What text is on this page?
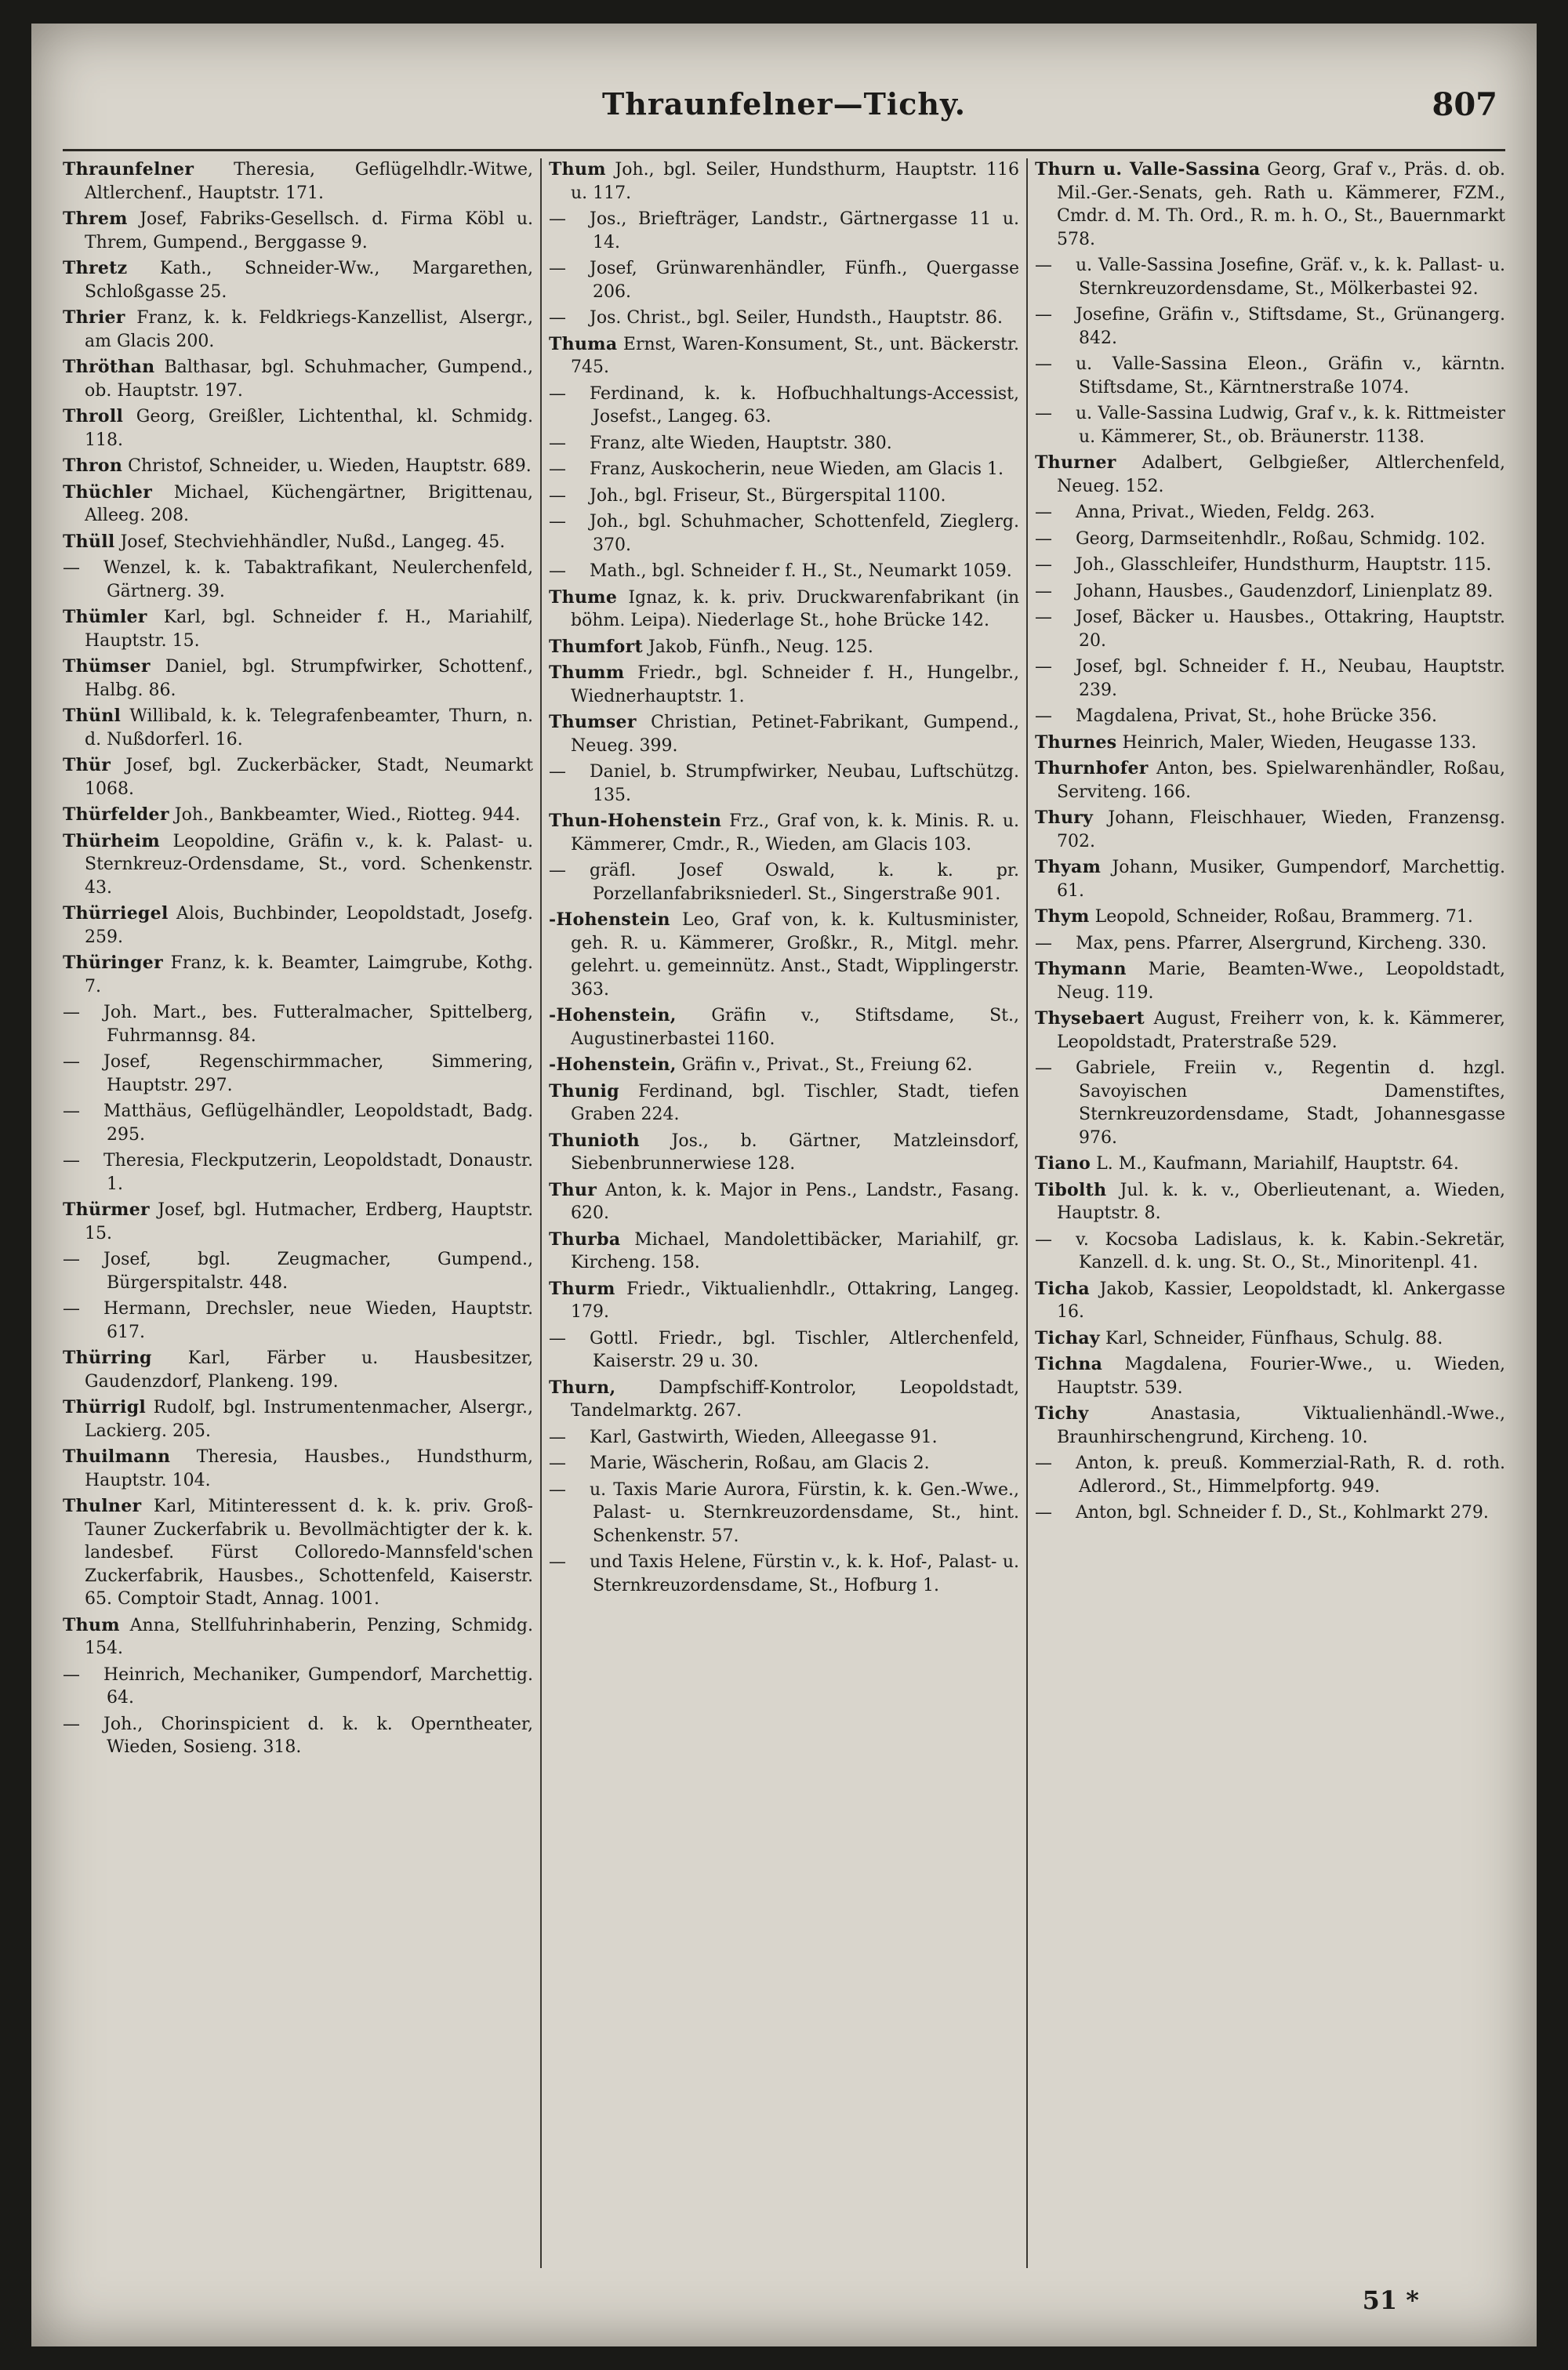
Thraunfelner—Tichy.	807
Thraunfelner Theresia, Geflügelhdlr.-Witwe, Altlerchenf., Hauptstr. 171.
Threm Josef, Fabriks-Gesellsch. d. Firma Köbl u. Threm, Gumpend., Berggasse 9.
Thretz Kath., Schneider-Ww., Margarethen, Schloßgasse 25.
Thrier Franz, k. k. Feldkriegs-Kanzellist, Alsergr., am Glacis 200.
Thröthan Balthasar, bgl. Schuhmacher, Gumpend., ob. Hauptstr. 197.
Throll Georg, Greißler, Lichtenthal, kl. Schmidg. 118.
Thron Christof, Schneider, u. Wieden, Hauptstr. 689.
Thüchler Michael, Küchengärtner, Brigittenau, Alleeg. 208.
Thüll Josef, Stechviehhändler, Nußd., Langeg. 45.
— Wenzel, k. k. Tabaktrafikant, Neulerchenfeld, Gärtnerg. 39.
Thümler Karl, bgl. Schneider f. H., Mariahilf, Hauptstr. 15.
Thümser Daniel, bgl. Strumpfwirker, Schottenf., Halbg. 86.
Thünl Willibald, k. k. Telegrafenbeamter, Thurn, n. d. Nußdorferl. 16.
Thür Josef, bgl. Zuckerbäcker, Stadt, Neumarkt 1068.
Thürfelder Joh., Bankbeamter, Wied., Riotteg. 944.
Thürheim Leopoldine, Gräfin v., k. k. Palast- u. Sternkreuz-Ordensdame, St., vord. Schenkenstr. 43.
Thürriegel Alois, Buchbinder, Leopoldstadt, Josefg. 259.
Thüringer Franz, k. k. Beamter, Laimgrube, Kothg. 7.
— Joh. Mart., bes. Futteralmacher, Spittelberg, Fuhrmannsg. 84.
— Josef, Regenschirmmacher, Simmering, Hauptstr. 297.
— Matthäus, Geflügelhändler, Leopoldstadt, Badg. 295.
— Theresia, Fleckputzerin, Leopoldstadt, Donaustr. 1.
Thürmer Josef, bgl. Hutmacher, Erdberg, Hauptstr. 15.
— Josef, bgl. Zeugmacher, Gumpend., Bürgerspitalstr. 448.
— Hermann, Drechsler, neue Wieden, Hauptstr. 617.
Thürring Karl, Färber u. Hausbesitzer, Gaudenzdorf, Plankeng. 199.
Thürrigl Rudolf, bgl. Instrumentenmacher, Alsergr., Lackierg. 205.
Thuilmann Theresia, Hausbes., Hundsthurm, Hauptstr. 104.
Thulner Karl, Mitinteressent d. k. k. priv. Groß-Tauner Zuckerfabrik u. Bevollmächtigter der k. k. landesbef. Fürst Colloredo-Mannsfeld'schen Zuckerfabrik, Hausbes., Schottenfeld, Kaiserstr. 65. Comptoir Stadt, Annag. 1001.
Thum Anna, Stellfuhrinhaberin, Penzing, Schmidg. 154.
— Heinrich, Mechaniker, Gumpendorf, Marchettig. 64.
— Joh., Chorinspicient d. k. k. Operntheater, Wieden, Sosieng. 318.
Thum Joh., bgl. Seiler, Hundsthurm, Hauptstr. 116 u. 117.
— Jos., Briefträger, Landstr., Gärtnergasse 11 u. 14.
— Josef, Grünwarenhändler, Fünfh., Quergasse 206.
— Jos. Christ., bgl. Seiler, Hundsth., Hauptstr. 86.
Thuma Ernst, Waren-Konsument, St., unt. Bäckerstr. 745.
— Ferdinand, k. k. Hofbuchhaltungs-Accessist, Josefst., Langeg. 63.
— Franz, alte Wieden, Hauptstr. 380.
— Franz, Auskocherin, neue Wieden, am Glacis 1.
— Joh., bgl. Friseur, St., Bürgerspital 1100.
— Joh., bgl. Schuhmacher, Schottenfeld, Zieglerg. 370.
— Math., bgl. Schneider f. H., St., Neumarkt 1059.
Thume Ignaz, k. k. priv. Druckwarenfabrikant (in böhm. Leipa). Niederlage St., hohe Brücke 142.
Thumfort Jakob, Fünfh., Neug. 125.
Thumm Friedr., bgl. Schneider f. H., Hungelbr., Wiednerhauptstr. 1.
Thumser Christian, Petinet-Fabrikant, Gumpend., Neueg. 399.
— Daniel, b. Strumpfwirker, Neubau, Luftschützg. 135.
Thun-Hohenstein Frz., Graf von, k. k. Minis. R. u. Kämmerer, Cmdr., R., Wieden, am Glacis 103.
— gräfl. Josef Oswald, k. k. pr. Porzellanfabriksniederl. St., Singerstraße 901.
-Hohenstein Leo, Graf von, k. k. Kultusminister, geh. R. u. Kämmerer, Großkr., R., Mitgl. mehr. gelehrt. u. gemeinnütz. Anst., Stadt, Wipplingerstr. 363.
-Hohenstein, Gräfin v., Stiftsdame, St., Augustinerbastei 1160.
-Hohenstein, Gräfin v., Privat., St., Freiung 62.
Thunig Ferdinand, bgl. Tischler, Stadt, tiefen Graben 224.
Thunioth Jos., b. Gärtner, Matzleinsdorf, Siebenbrunnerwiese 128.
Thur Anton, k. k. Major in Pens., Landstr., Fasang. 620.
Thurba Michael, Mandolettibäcker, Mariahilf, gr. Kircheng. 158.
Thurm Friedr., Viktualienhdlr., Ottakring, Langeg. 179.
— Gottl. Friedr., bgl. Tischler, Altlerchenfeld, Kaiserstr. 29 u. 30.
Thurn, Dampfschiff-Kontrolor, Leopoldstadt, Tandelmarktg. 267.
— Karl, Gastwirth, Wieden, Alleegasse 91.
— Marie, Wäscherin, Roßau, am Glacis 2.
— u. Taxis Marie Aurora, Fürstin, k. k. Gen.-Wwe., Palast- u. Sternkreuzordensdame, St., hint. Schenkenstr. 57.
— und Taxis Helene, Fürstin v., k. k. Hof-, Palast- u. Sternkreuzordensdame, St., Hofburg 1.
Thurn u. Valle-Sassina Georg, Graf v., Präs. d. ob. Mil.-Ger.-Senats, geh. Rath u. Kämmerer, FZM., Cmdr. d. M. Th. Ord., R. m. h. O., St., Bauernmarkt 578.
— u. Valle-Sassina Josefine, Gräf. v., k. k. Pallast- u. Sternkreuzordensdame, St., Mölkerbastei 92.
— Josefine, Gräfin v., Stiftsdame, St., Grünangerg. 842.
— u. Valle-Sassina Eleon., Gräfin v., kärntn. Stiftsdame, St., Kärntnerstraße 1074.
— u. Valle-Sassina Ludwig, Graf v., k. k. Rittmeister u. Kämmerer, St., ob. Bräunerstr. 1138.
Thurner Adalbert, Gelbgießer, Altlerchenfeld, Neueg. 152.
— Anna, Privat., Wieden, Feldg. 263.
— Georg, Darmseitenhdlr., Roßau, Schmidg. 102.
— Joh., Glasschleifer, Hundsthurm, Hauptstr. 115.
— Johann, Hausbes., Gaudenzdorf, Linienplatz 89.
— Josef, Bäcker u. Hausbes., Ottakring, Hauptstr. 20.
— Josef, bgl. Schneider f. H., Neubau, Hauptstr. 239.
— Magdalena, Privat, St., hohe Brücke 356.
Thurnes Heinrich, Maler, Wieden, Heugasse 133.
Thurnhofer Anton, bes. Spielwarenhändler, Roßau, Serviteng. 166.
Thury Johann, Fleischhauer, Wieden, Franzensg. 702.
Thyam Johann, Musiker, Gumpendorf, Marchettig. 61.
Thym Leopold, Schneider, Roßau, Brammerg. 71.
— Max, pens. Pfarrer, Alsergrund, Kircheng. 330.
Thymann Marie, Beamten-Wwe., Leopoldstadt, Neug. 119.
Thysebaert August, Freiherr von, k. k. Kämmerer, Leopoldstadt, Praterstraße 529.
— Gabriele, Freiin v., Regentin d. hzgl. Savoyischen Damenstiftes, Sternkreuzordensdame, Stadt, Johannesgasse 976.
Tiano L. M., Kaufmann, Mariahilf, Hauptstr. 64.
Tibolth Jul. k. k. v., Oberlieutenant, a. Wieden, Hauptstr. 8.
— v. Kocsoba Ladislaus, k. k. Kabin.-Sekretär, Kanzell. d. k. ung. St. O., St., Minoritenpl. 41.
Ticha Jakob, Kassier, Leopoldstadt, kl. Ankergasse 16.
Tichay Karl, Schneider, Fünfhaus, Schulg. 88.
Tichna Magdalena, Fourier-Wwe., u. Wieden, Hauptstr. 539.
Tichy	Anastasia, Viktualienhändl.-Wwe., Braunhirschengrund, Kircheng. 10.
— Anton, k. preuß. Kommerzial-Rath, R. d. roth. Adlerord., St., Himmelpfortg. 949.
— Anton, bgl. Schneider f. D., St., Kohlmarkt 279.
51 *
